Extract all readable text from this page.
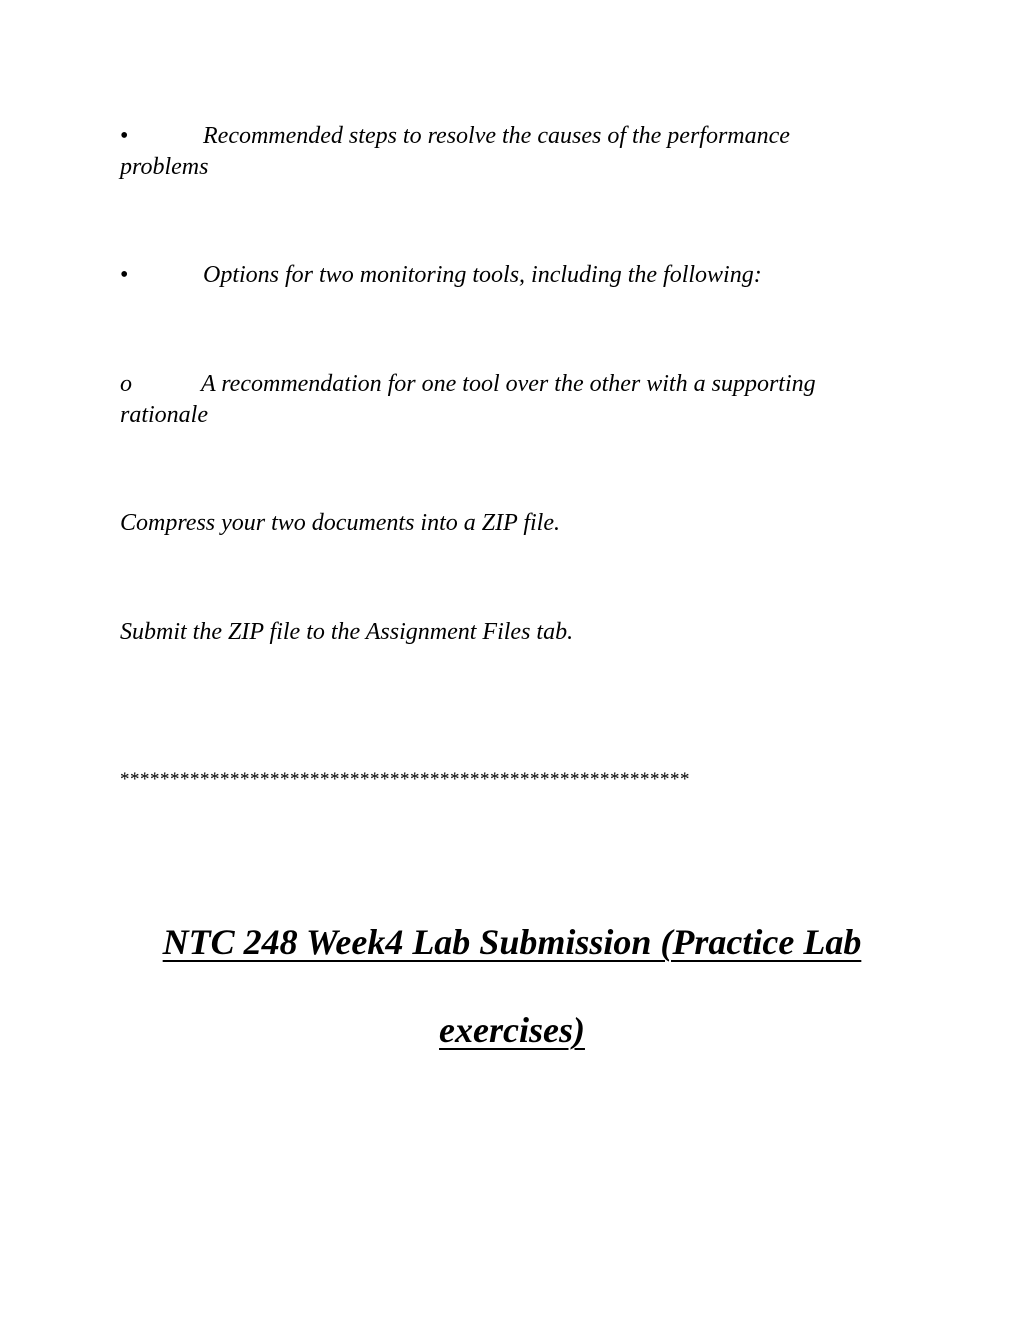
•	Recommended steps to resolve the causes of the performance
problems
•	Options for two monitoring tools, including the following:
o	A recommendation for one tool over the other with a supporting
rationale
Compress your two documents into a ZIP file.
Submit the ZIP file to the Assignment Files tab.
*********************************************************
NTC 248 Week4 Lab Submission (Practice Lab
exercises)
